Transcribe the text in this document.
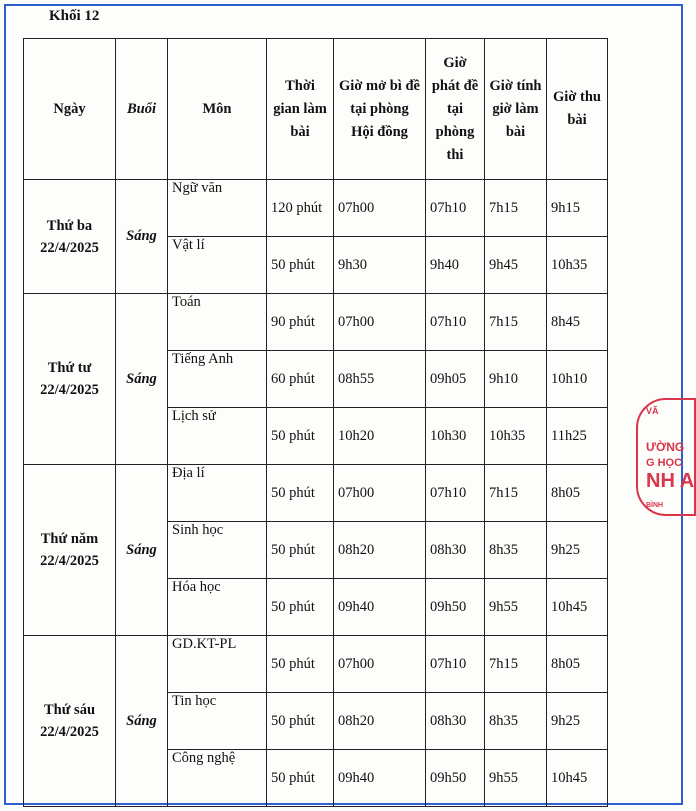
Khối 12
Ngày	Buổi	Môn	Thời gian làm bài	Giờ mở bì đề tại phòng Hội đồng	Giờ phát đề tại phòng thi	Giờ tính giờ làm bài	Giờ thu bài

Thứ ba
22/4/2025	Sáng	Ngữ văn	120 phút	07h00	07h10	7h15	9h15
		Vật lí	50 phút	9h30	9h40	9h45	10h35

Thứ tư
22/4/2025	Sáng	Toán	90 phút	07h00	07h10	7h15	8h45
		Tiếng Anh	60 phút	08h55	09h05	9h10	10h10
		Lịch sử	50 phút	10h20	10h30	10h35	11h25

Thứ năm
22/4/2025	Sáng	Địa lí	50 phút	07h00	07h10	7h15	8h05
		Sinh học	50 phút	08h20	08h30	8h35	9h25
		Hóa học	50 phút	09h40	09h50	9h55	10h45

Thứ sáu
22/4/2025	Sáng	GD.KT-PL	50 phút	07h00	07h10	7h15	8h05
		Tin học	50 phút	08h20	08h30	8h35	9h25
		Công nghệ	50 phút	09h40	09h50	9h55	10h45
VÃ
ƯỜNG
G HỌC
NH A
BÌNH
